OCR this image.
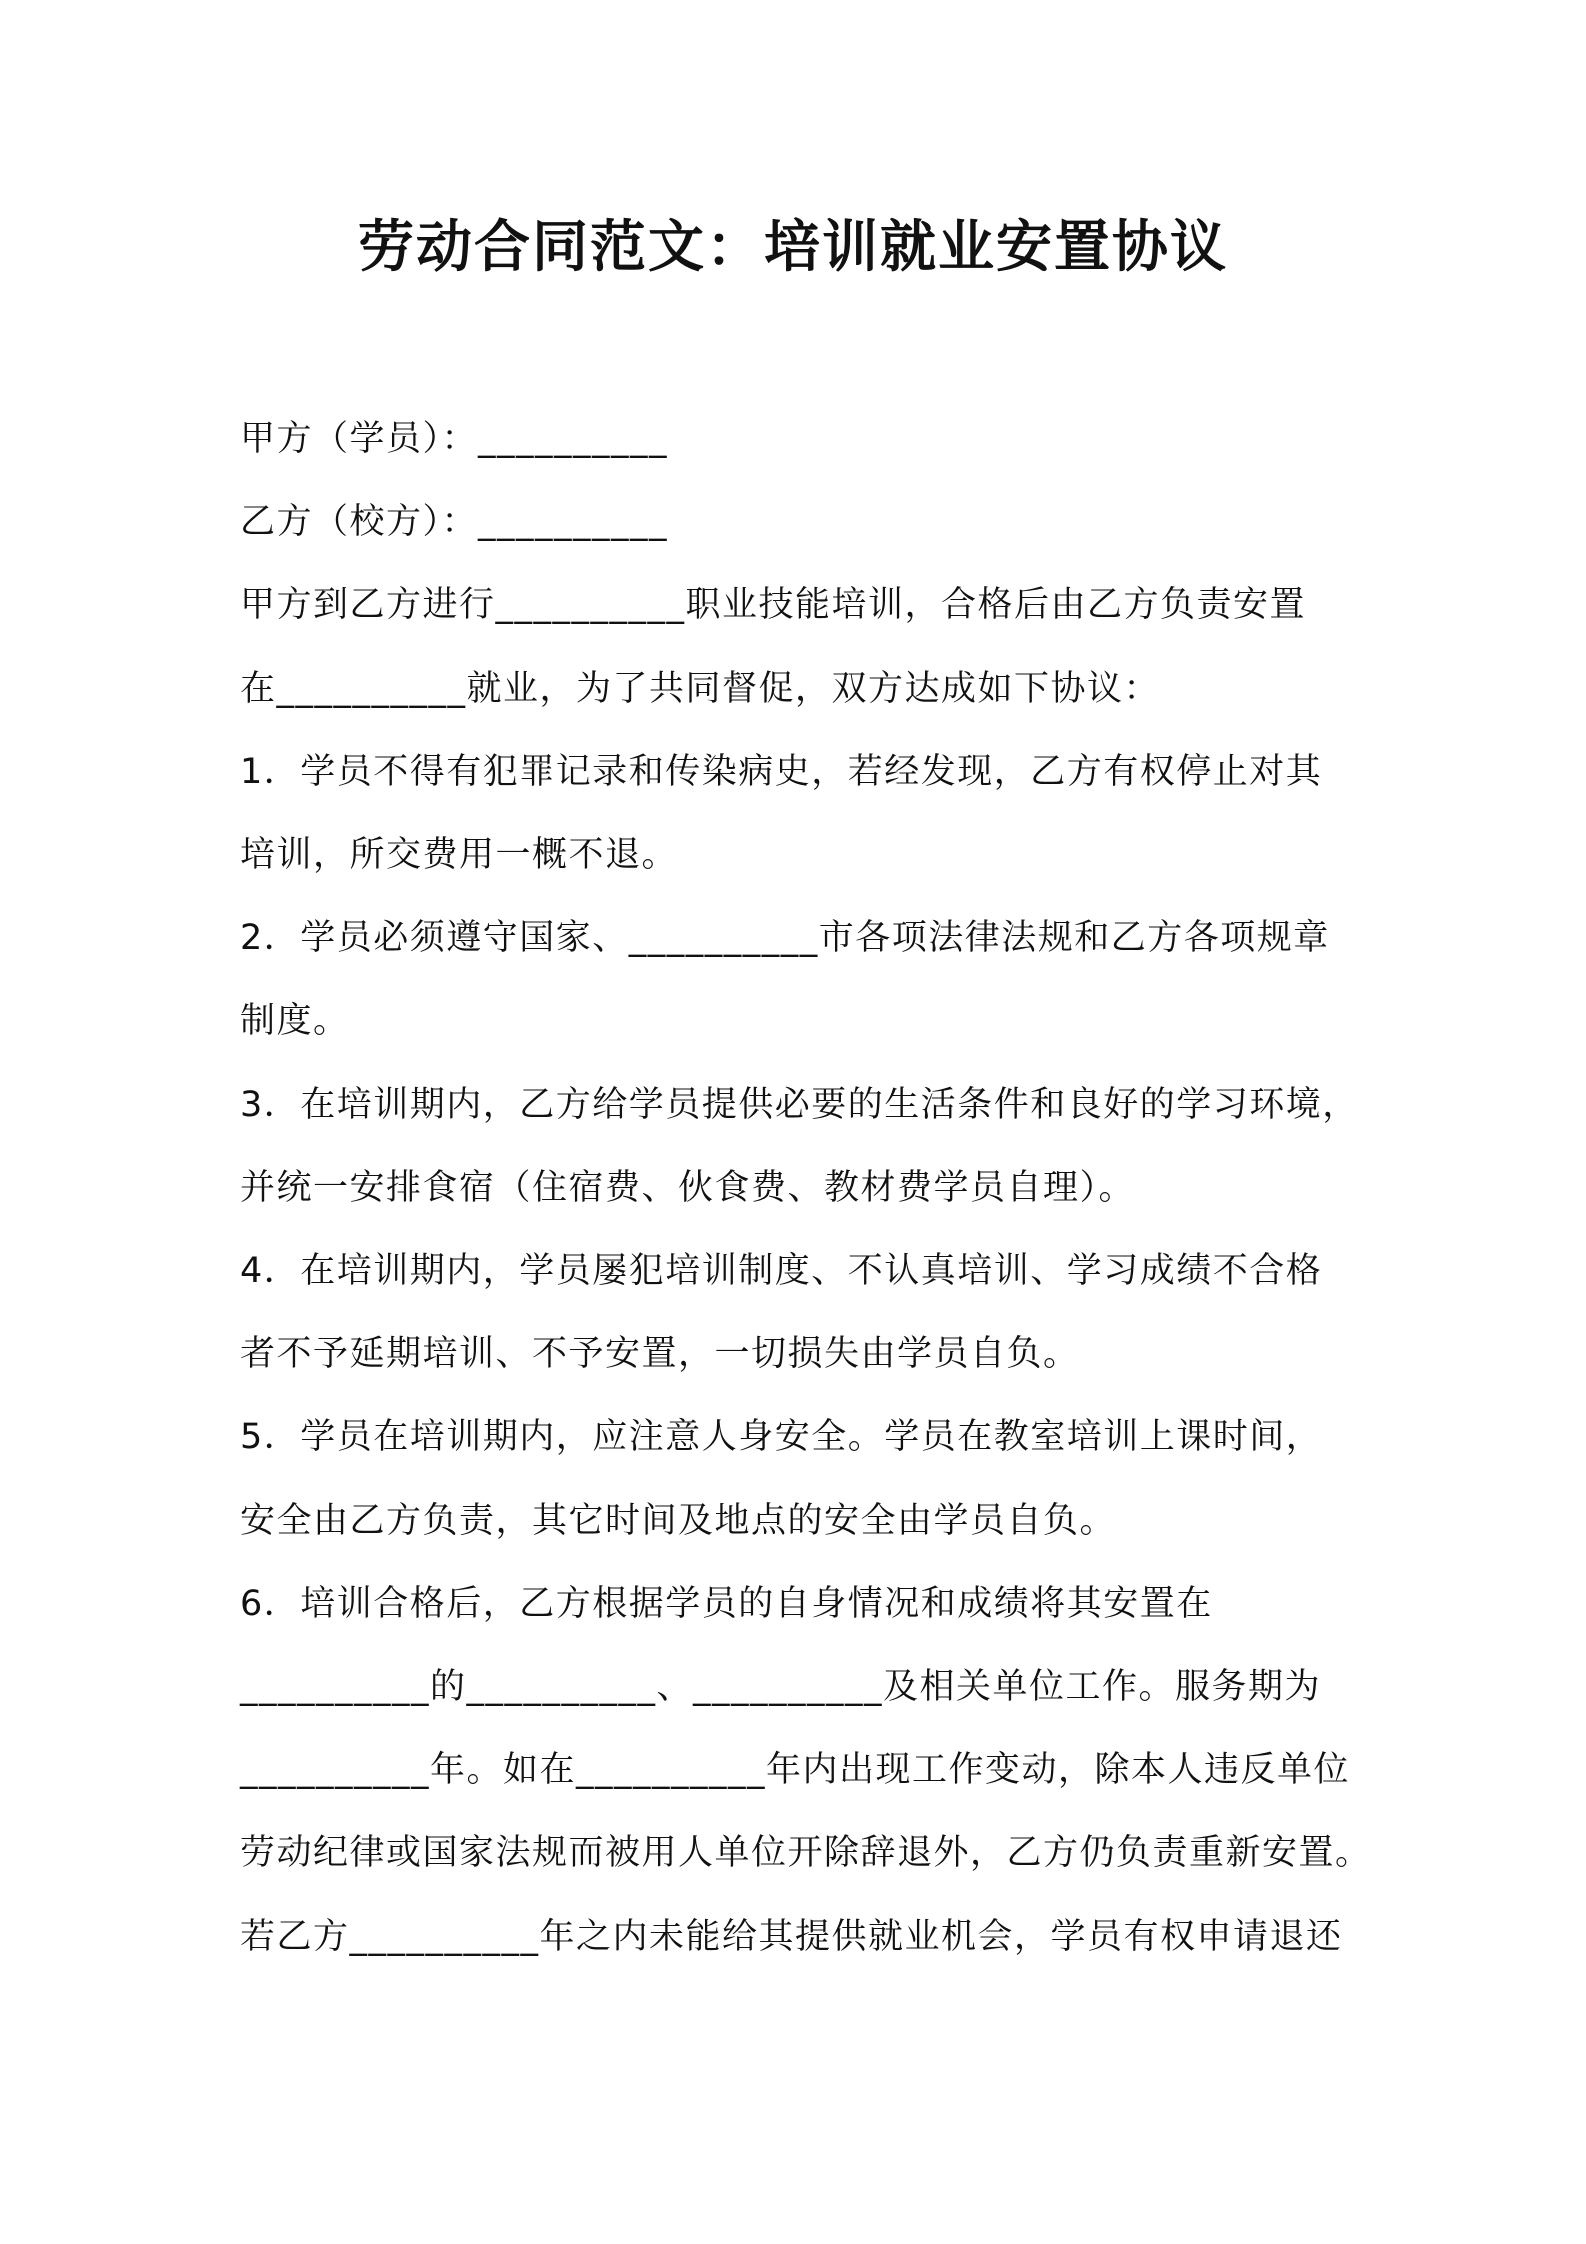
劳动合同范文：培训就业安置协议

甲方（学员）：__________

乙方（校方）：__________

甲方到乙方进行__________职业技能培训，合格后由乙方负责安置

在__________就业，为了共同督促，双方达成如下协议：

1．学员不得有犯罪记录和传染病史，若经发现，乙方有权停止对其

培训，所交费用一概不退。

2．学员必须遵守国家、__________市各项法律法规和乙方各项规章

制度。

3．在培训期内，乙方给学员提供必要的生活条件和良好的学习环境，

并统一安排食宿（住宿费、伙食费、教材费学员自理）。

4．在培训期内，学员屡犯培训制度、不认真培训、学习成绩不合格

者不予延期培训、不予安置，一切损失由学员自负。

5．学员在培训期内，应注意人身安全。学员在教室培训上课时间，

安全由乙方负责，其它时间及地点的安全由学员自负。

6．培训合格后，乙方根据学员的自身情况和成绩将其安置在

__________的__________、__________及相关单位工作。服务期为

__________年。如在__________年内出现工作变动，除本人违反单位

劳动纪律或国家法规而被用人单位开除辞退外，乙方仍负责重新安置。

若乙方__________年之内未能给其提供就业机会，学员有权申请退还
